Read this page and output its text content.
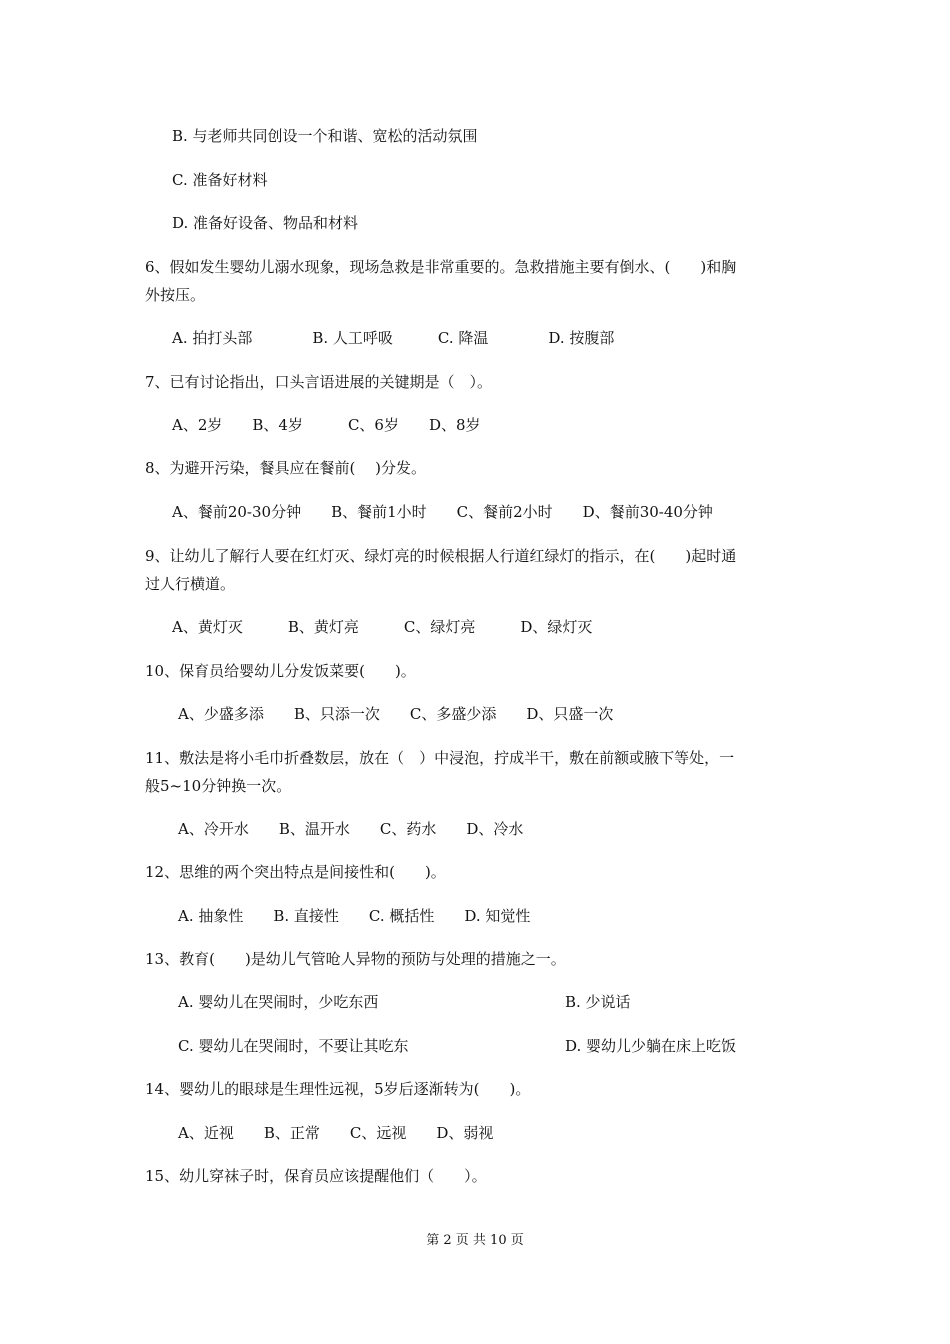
B. 与老师共同创设一个和谐、宽松的活动氛围
C. 准备好材料
D. 准备好设备、物品和材料
6、假如发生婴幼儿溺水现象，现场急救是非常重要的。急救措施主要有倒水、(　　)和胸
外按压。
A. 拍打头部　　　　B. 人工呼吸　　　C. 降温　　　　D. 按腹部
7、已有讨论指出，口头言语进展的关键期是（　）。
A、2岁　　B、4岁　　　C、6岁　　D、8岁
8、为避开污染，餐具应在餐前(　 )分发。
A、餐前20-30分钟　　B、餐前1小时　　C、餐前2小时　　D、餐前30-40分钟
9、让幼儿了解行人要在红灯灭、绿灯亮的时候根据人行道红绿灯的指示，在(　　)起时通
过人行横道。
A、黄灯灭　　　B、黄灯亮　　　C、绿灯亮　　　D、绿灯灭
10、保育员给婴幼儿分发饭菜要(　　)。
A、少盛多添　　B、只添一次　　C、多盛少添　　D、只盛一次
11、敷法是将小毛巾折叠数层，放在（　）中浸泡，拧成半干，敷在前额或腋下等处，一
般5~10分钟换一次。
A、冷开水　　B、温开水　　C、药水　　D、冷水
12、思维的两个突出特点是间接性和(　　)。
A. 抽象性　　B. 直接性　　C. 概括性　　D. 知觉性
13、教育(　　)是幼儿气管呛人异物的预防与处理的措施之一。
A. 婴幼儿在哭闹时，少吃东西	B. 少说话
C. 婴幼儿在哭闹时，不要让其吃东	D. 婴幼儿少躺在床上吃饭
14、婴幼儿的眼球是生理性远视，5岁后逐渐转为(　　)。
A、近视　　B、正常　　C、远视　　D、弱视
15、幼儿穿袜子时，保育员应该提醒他们（　　）。
第 2 页 共 10 页
